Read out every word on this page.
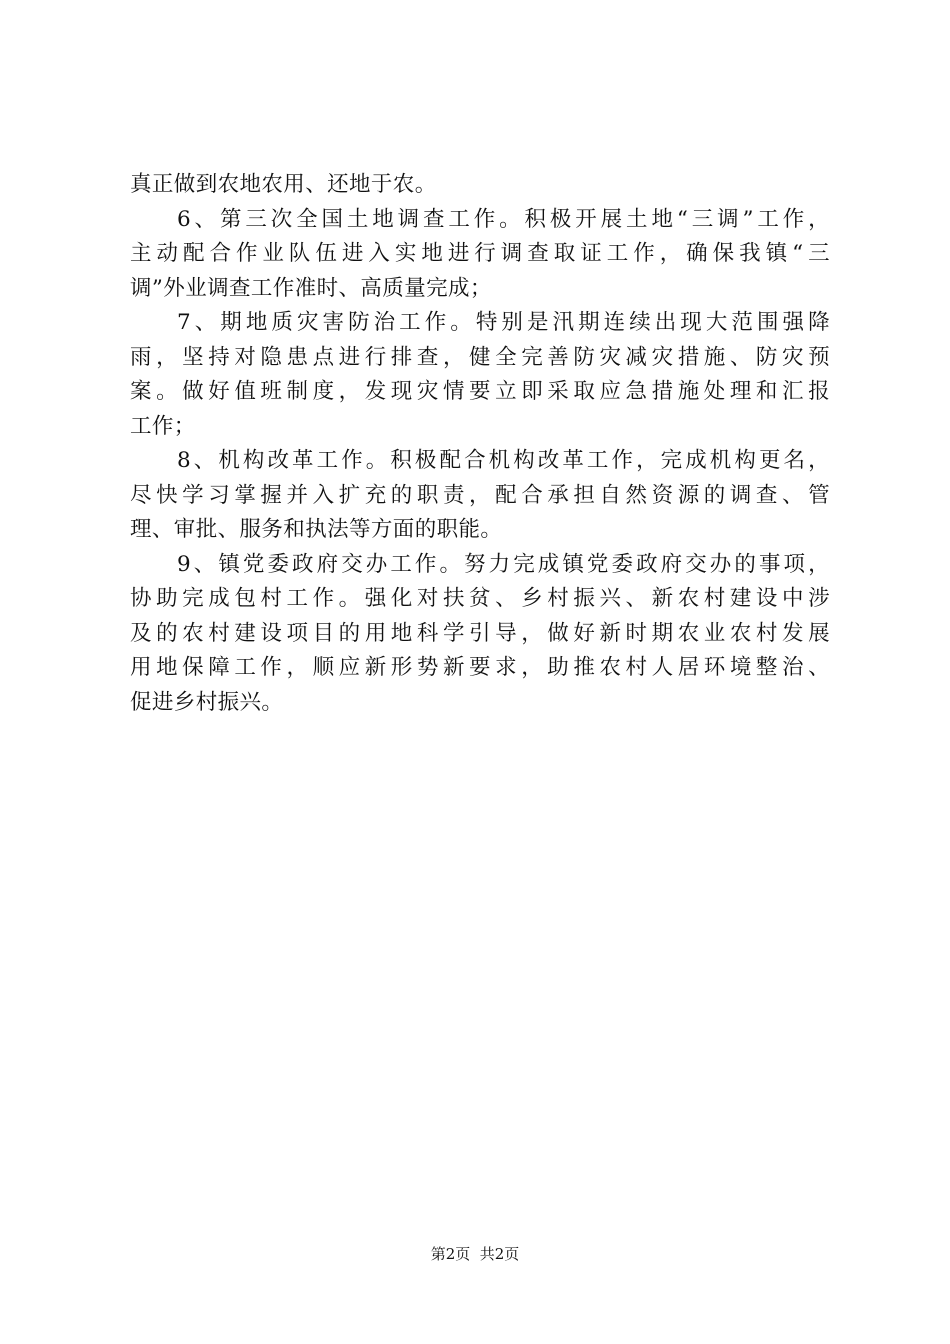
真正做到农地农用、还地于农。
6、第三次全国土地调查工作。积极开展土地“三调”工作，
主动配合作业队伍进入实地进行调查取证工作，确保我镇“三
调”外业调查工作准时、高质量完成；
7、期地质灾害防治工作。特别是汛期连续出现大范围强降
雨，坚持对隐患点进行排查，健全完善防灾减灾措施、防灾预
案。做好值班制度，发现灾情要立即采取应急措施处理和汇报
工作；
8、机构改革工作。积极配合机构改革工作，完成机构更名，
尽快学习掌握并入扩充的职责，配合承担自然资源的调查、管
理、审批、服务和执法等方面的职能。
9、镇党委政府交办工作。努力完成镇党委政府交办的事项，
协助完成包村工作。强化对扶贫、乡村振兴、新农村建设中涉
及的农村建设项目的用地科学引导，做好新时期农业农村发展
用地保障工作，顺应新形势新要求，助推农村人居环境整治、
促进乡村振兴。
第2页  共2页
